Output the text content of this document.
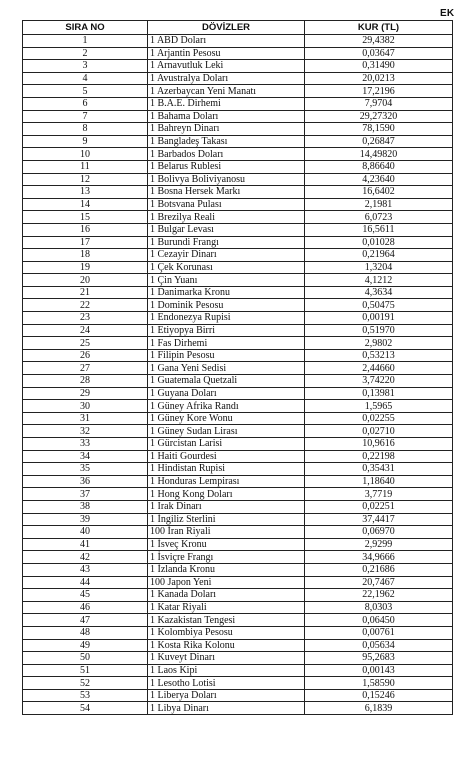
EK
SIRA NO	DÖVİZLER	KUR (TL)
1	1 ABD Doları	29,4382
2	1 Arjantin Pesosu	0,03647
3	1 Arnavutluk Leki	0,31490
4	1 Avustralya Doları	20,0213
5	1 Azerbaycan Yeni Manatı	17,2196
6	1 B.A.E. Dirhemi	7,9704
7	1 Bahama Doları	29,27320
8	1 Bahreyn Dinarı	78,1590
9	1 Bangladeş Takası	0,26847
10	1 Barbados Doları	14,49820
11	1 Belarus Rublesi	8,86640
12	1 Bolivya Boliviyanosu	4,23640
13	1 Bosna Hersek Markı	16,6402
14	1 Botsvana Pulası	2,1981
15	1 Brezilya Reali	6,0723
16	1 Bulgar Levası	16,5611
17	1 Burundi Frangı	0,01028
18	1 Cezayir Dinarı	0,21964
19	1 Çek Korunası	1,3204
20	1 Çin Yuanı	4,1212
21	1 Danimarka Kronu	4,3634
22	1 Dominik Pesosu	0,50475
23	1 Endonezya Rupisi	0,00191
24	1 Etiyopya Birri	0,51970
25	1 Fas Dirhemi	2,9802
26	1 Filipin Pesosu	0,53213
27	1 Gana Yeni Sedisi	2,44660
28	1 Guatemala Quetzali	3,74220
29	1 Guyana Doları	0,13981
30	1 Güney Afrika Randı	1,5965
31	1 Güney Kore Wonu	0,02255
32	1 Güney Sudan Lirası	0,02710
33	1 Gürcistan Larisi	10,9616
34	1 Haiti Gourdesi	0,22198
35	1 Hindistan Rupisi	0,35431
36	1 Honduras Lempirası	1,18640
37	1 Hong Kong Doları	3,7719
38	1 Irak Dinarı	0,02251
39	1 İngiliz Sterlini	37,4417
40	100 İran Riyali	0,06970
41	1 İsveç Kronu	2,9299
42	1 İsviçre Frangı	34,9666
43	1 İzlanda Kronu	0,21686
44	100 Japon Yeni	20,7467
45	1 Kanada Doları	22,1962
46	1 Katar Riyali	8,0303
47	1 Kazakistan Tengesi	0,06450
48	1 Kolombiya Pesosu	0,00761
49	1 Kosta Rika Kolonu	0,05634
50	1 Kuveyt Dinarı	95,2683
51	1 Laos Kipi	0,00143
52	1 Lesotho Lotisi	1,58590
53	1 Liberya Doları	0,15246
54	1 Libya Dinarı	6,1839
